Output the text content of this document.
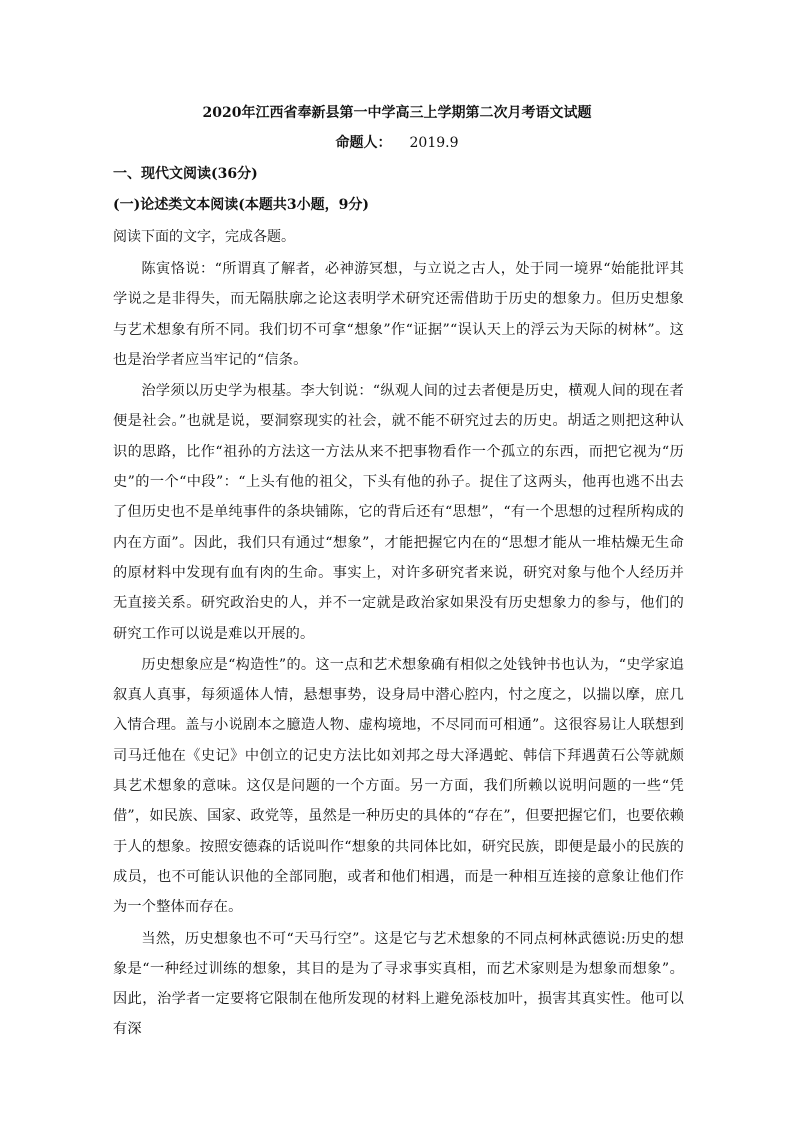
2020年江西省奉新县第一中学高三上学期第二次月考语文试题
命题人： 2019.9
一、现代文阅读(36分)
(一)论述类文本阅读(本题共3小题，9分)
阅读下面的文字，完成各题。

陈寅恪说：“所谓真了解者，必神游冥想，与立说之古人，处于同一境界“始能批评其学说之是非得失，而无隔肤廓之论这表明学术研究还需借助于历史的想象力。但历史想象与艺术想象有所不同。我们切不可拿“想象”作“证据”“误认天上的浮云为天际的树林”。这也是治学者应当牢记的“信条。

治学须以历史学为根基。李大钊说：“纵观人间的过去者便是历史，横观人间的现在者便是社会。”也就是说，要洞察现实的社会，就不能不研究过去的历史。胡适之则把这种认识的思路，比作“祖孙的方法这一方法从来不把事物看作一个孤立的东西，而把它视为“历史”的一个“中段”：“上头有他的祖父，下头有他的孙子。捉住了这两头，他再也逃不出去了但历史也不是单纯事件的条块铺陈，它的背后还有“思想”，“有一个思想的过程所构成的内在方面”。因此，我们只有通过“想象”，才能把握它内在的“思想才能从一堆枯燥无生命的原材料中发现有血有肉的生命。事实上，对许多研究者来说，研究对象与他个人经历并无直接关系。研究政治史的人，并不一定就是政治家如果没有历史想象力的参与，他们的研究工作可以说是难以开展的。

历史想象应是“构造性”的。这一点和艺术想象确有相似之处钱钟书也认为，“史学家追叙真人真事，每须遥体人情，悬想事势，设身局中潜心腔内，忖之度之，以揣以摩，庶几入情合理。盖与小说剧本之臆造人物、虚构境地，不尽同而可相通”。这很容易让人联想到司马迁他在《史记》中创立的记史方法比如刘邦之母大泽遇蛇、韩信下拜遇黄石公等就颇具艺术想象的意味。这仅是问题的一个方面。另一方面，我们所赖以说明问题的一些“凭借”，如民族、国家、政党等，虽然是一种历史的具体的“存在”，但要把握它们，也要依赖于人的想象。按照安德森的话说叫作“想象的共同体比如，研究民族，即便是最小的民族的成员，也不可能认识他的全部同胞，或者和他们相遇，而是一种相互连接的意象让他们作为一个整体而存在。

当然，历史想象也不可“天马行空”。这是它与艺术想象的不同点柯林武德说:历史的想象是“一种经过训练的想象，其目的是为了寻求事实真相，而艺术家则是为想象而想象”。因此，治学者一定要将它限制在他所发现的材料上避免添枝加叶，损害其真实性。他可以有深
